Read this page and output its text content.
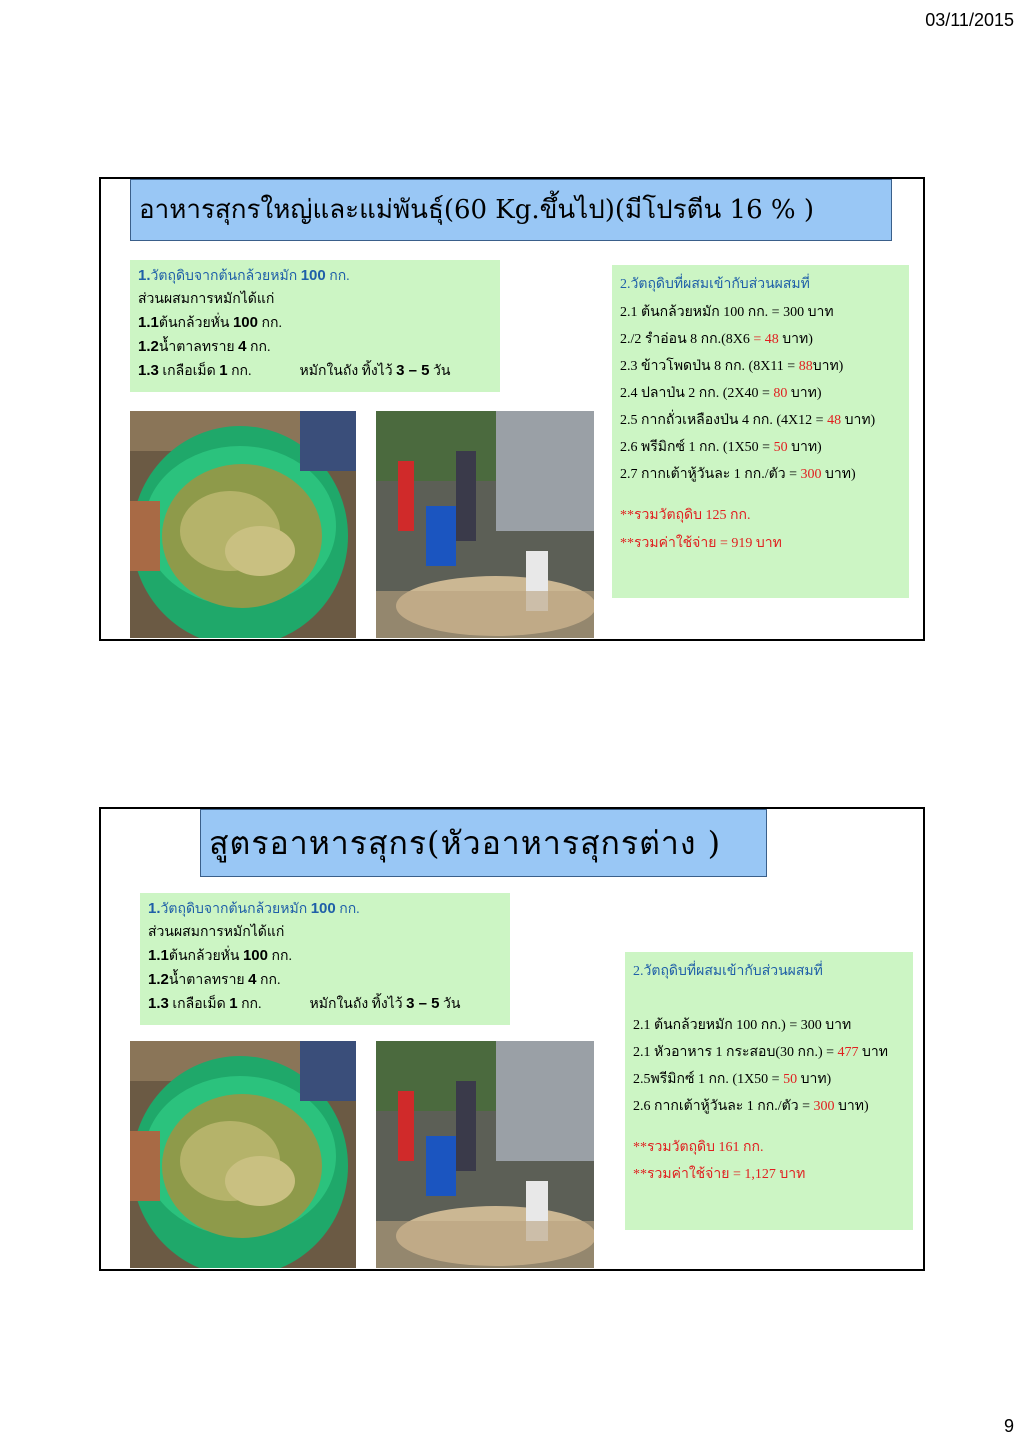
03/11/2015
อาหารสุกรใหญ่และแม่พันธุ์(60 Kg.ขึ้นไป)(มีโปรตีน 16 % )
1.วัตถุดิบจากต้นกล้วยหมัก 100 กก.
ส่วนผสมการหมักได้แก่
1.1ต้นกล้วยหั่น 100 กก.
1.2น้ำตาลทราย 4 กก.
1.3 เกลือเม็ด 1 กก.	หมักในถัง ทิ้งไว้ 3 – 5 วัน
2.วัตถุดิบที่ผสมเข้ากับส่วนผสมที่
2.1 ต้นกล้วยหมัก 100 กก. = 300 บาท
2./2 รำอ่อน 8 กก.(8X6 = 48 บาท)
2.3 ข้าวโพดป่น 8 กก. (8X11 = 88บาท)
2.4 ปลาป่น 2 กก. (2X40 = 80 บาท)
2.5 กากถั่วเหลืองป่น 4 กก. (4X12 = 48 บาท)
2.6 พรีมิกซ์ 1 กก. (1X50 = 50 บาท)
2.7 กากเต้าหู้วันละ 1 กก./ตัว = 300 บาท)
**รวมวัตถุดิบ 125 กก.
**รวมค่าใช้จ่าย = 919 บาท
สูตรอาหารสุกร(หัวอาหารสุกรต่าง )
1.วัตถุดิบจากต้นกล้วยหมัก 100 กก.
ส่วนผสมการหมักได้แก่
1.1ต้นกล้วยหั่น 100 กก.
1.2น้ำตาลทราย 4 กก.
1.3 เกลือเม็ด 1 กก.	หมักในถัง ทิ้งไว้ 3 – 5 วัน
2.วัตถุดิบที่ผสมเข้ากับส่วนผสมที่
2.1 ต้นกล้วยหมัก 100 กก.) = 300 บาท
2.1 หัวอาหาร 1 กระสอบ(30 กก.) = 477 บาท
2.5พรีมิกซ์ 1 กก. (1X50 = 50 บาท)
2.6 กากเต้าหู้วันละ 1 กก./ตัว = 300 บาท)
**รวมวัตถุดิบ 161 กก.
**รวมค่าใช้จ่าย = 1,127 บาท
9
